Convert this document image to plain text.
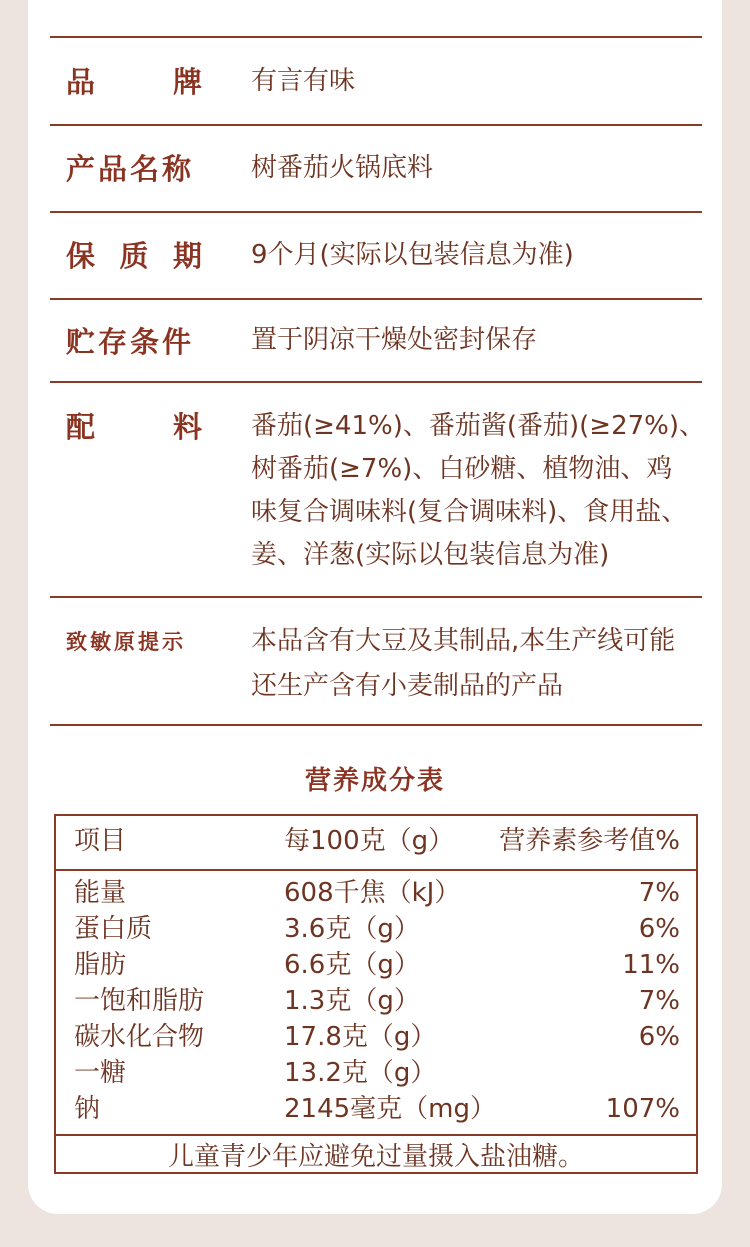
品	牌 有言有味
产品名称 树番茄火锅底料
保 质 期 9个月(实际以包装信息为准)
贮存条件 置于阴凉干燥处密封保存
配	料 番茄(≥41%)、番茄酱(番茄)(≥27%)、
树番茄(≥7%)、白砂糖、植物油、鸡
味复合调味料(复合调味料)、食用盐、
姜、洋葱(实际以包装信息为准)
致敏原提示	本品含有大豆及其制品,本生产线可能
还生产含有小麦制品的产品
营养成分表
项目	每100克（g） 营养素参考值%
能量	608千焦（kJ）	7%
蛋白质	3.6克（g）	6%
脂肪	6.6克（g）	11%
一饱和脂肪	1.3克（g）	7%
碳水化合物	17.8克（g）	6%
一糖	13.2克（g）
钠	2145毫克（mg）	107%
儿童青少年应避免过量摄入盐油糖。
